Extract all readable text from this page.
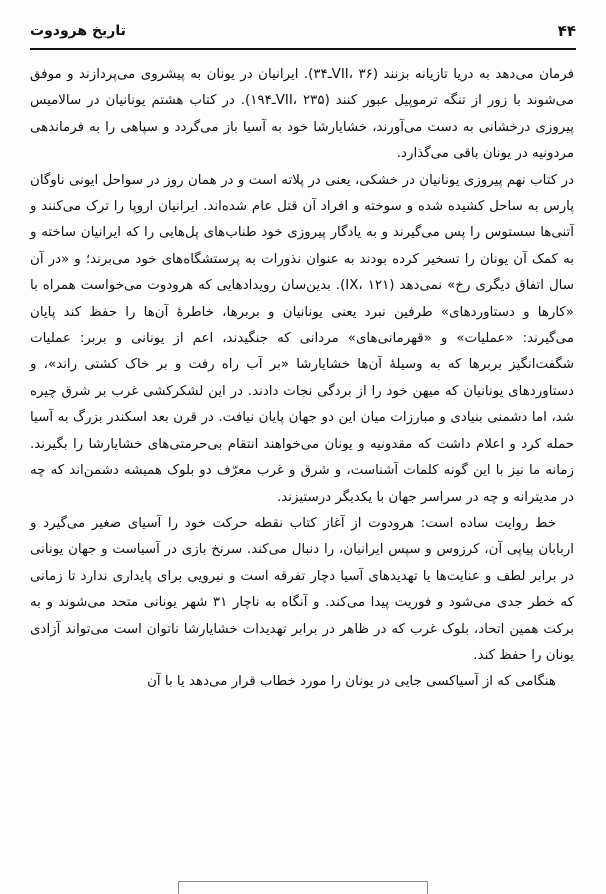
۴۴
تاریخ هرودوت

فرمان می‌دهد به دریا تازیانه بزنند (VII، ۳۶ـ۳۴). ایرانیان در یونان به پیشروی می‌پردازند و موفق می‌شوند با زور از تنگه ترموپیل عبور کنند (VII، ۲۳۵ـ۱۹۴). در کتاب هشتم یونانیان در سالامیس پیروزی درخشانی به دست می‌آورند، خشایارشا خود به آسیا باز می‌گردد و سپاهی را به فرماندهی مردونیه در یونان باقی می‌گذارد.

در کتاب نهم پیروزی یونانیان در خشکی، یعنی در پلاته است و در همان روز در سواحل ایونی ناوگان پارس به ساحل کشیده شده و سوخته و افراد آن قتل عام شده‌اند. ایرانیان اروپا را ترک می‌کنند و آتنی‌ها سستوس را پس می‌گیرند و به یادگار پیروزی خود طناب‌های پل‌هایی را که ایرانیان ساخته و به کمک آن یونان را تسخیر کرده بودند به عنوان نذورات به پرستشگاه‌های خود می‌برند؛ و «در آن سال اتفاق دیگری رخ» نمی‌دهد (IX، ۱۲۱). بدین‌سان رویدادهایی که هرودوت می‌خواست همراه با «کارها و دستاوردهای» طرفین نبرد یعنی یونانیان و بربرها، خاطرهٔ آن‌ها را حفظ کند پایان می‌گیرند: «عملیات» و «قهرمانی‌های» مردانی که جنگیدند، اعم از یونانی و بربر: عملیات شگفت‌انگیز بربرها که به وسیلهٔ آن‌ها خشایارشا «بر آب راه رفت و بر خاک کشتی راند»، و دستاوردهای یونانیان که میهن خود را از بردگی نجات دادند. در این لشکرکشی غرب بر شرق چیره شد، اما دشمنی بنیادی و مبارزات میان این دو جهان پایان نیافت. در قرن بعد اسکندر بزرگ به آسیا حمله کرد و اعلام داشت که مقدونیه و یونان می‌خواهند انتقام بی‌حرمتی‌های خشایارشا را بگیرند. زمانه ما نیز با این گونه کلمات آشناست، و شرق و غرب معرّف دو بلوک همیشه دشمن‌اند که چه در مدیترانه و چه در سراسر جهان با یکدیگر درستیزند.

خط روایت ساده است: هرودوت از آغاز کتاب نقطه حرکت خود را آسیای صغیر می‌گیرد و اربابان پیاپی آن، کرزوس و سپس ایرانیان، را دنبال می‌کند. سرنخ بازی در آسیاست و جهان یونانی در برابر لطف و عنایت‌ها یا تهدیدهای آسیا دچار تفرقه است و نیرویی برای پایداری ندارد تا زمانی که خطر جدی می‌شود و فوریت پیدا می‌کند. و آنگاه به ناچار ۳۱ شهر یونانی متحد می‌شوند و به برکت همین اتحاد، بلوک غرب که در ظاهر در برابر تهدیدات خشایارشا ناتوان است می‌تواند آزادی یونان را حفظ کند.

هنگامی که از آسیاکسی جایی در یونان را مورد خطاب قرار می‌دهد یا با آن
